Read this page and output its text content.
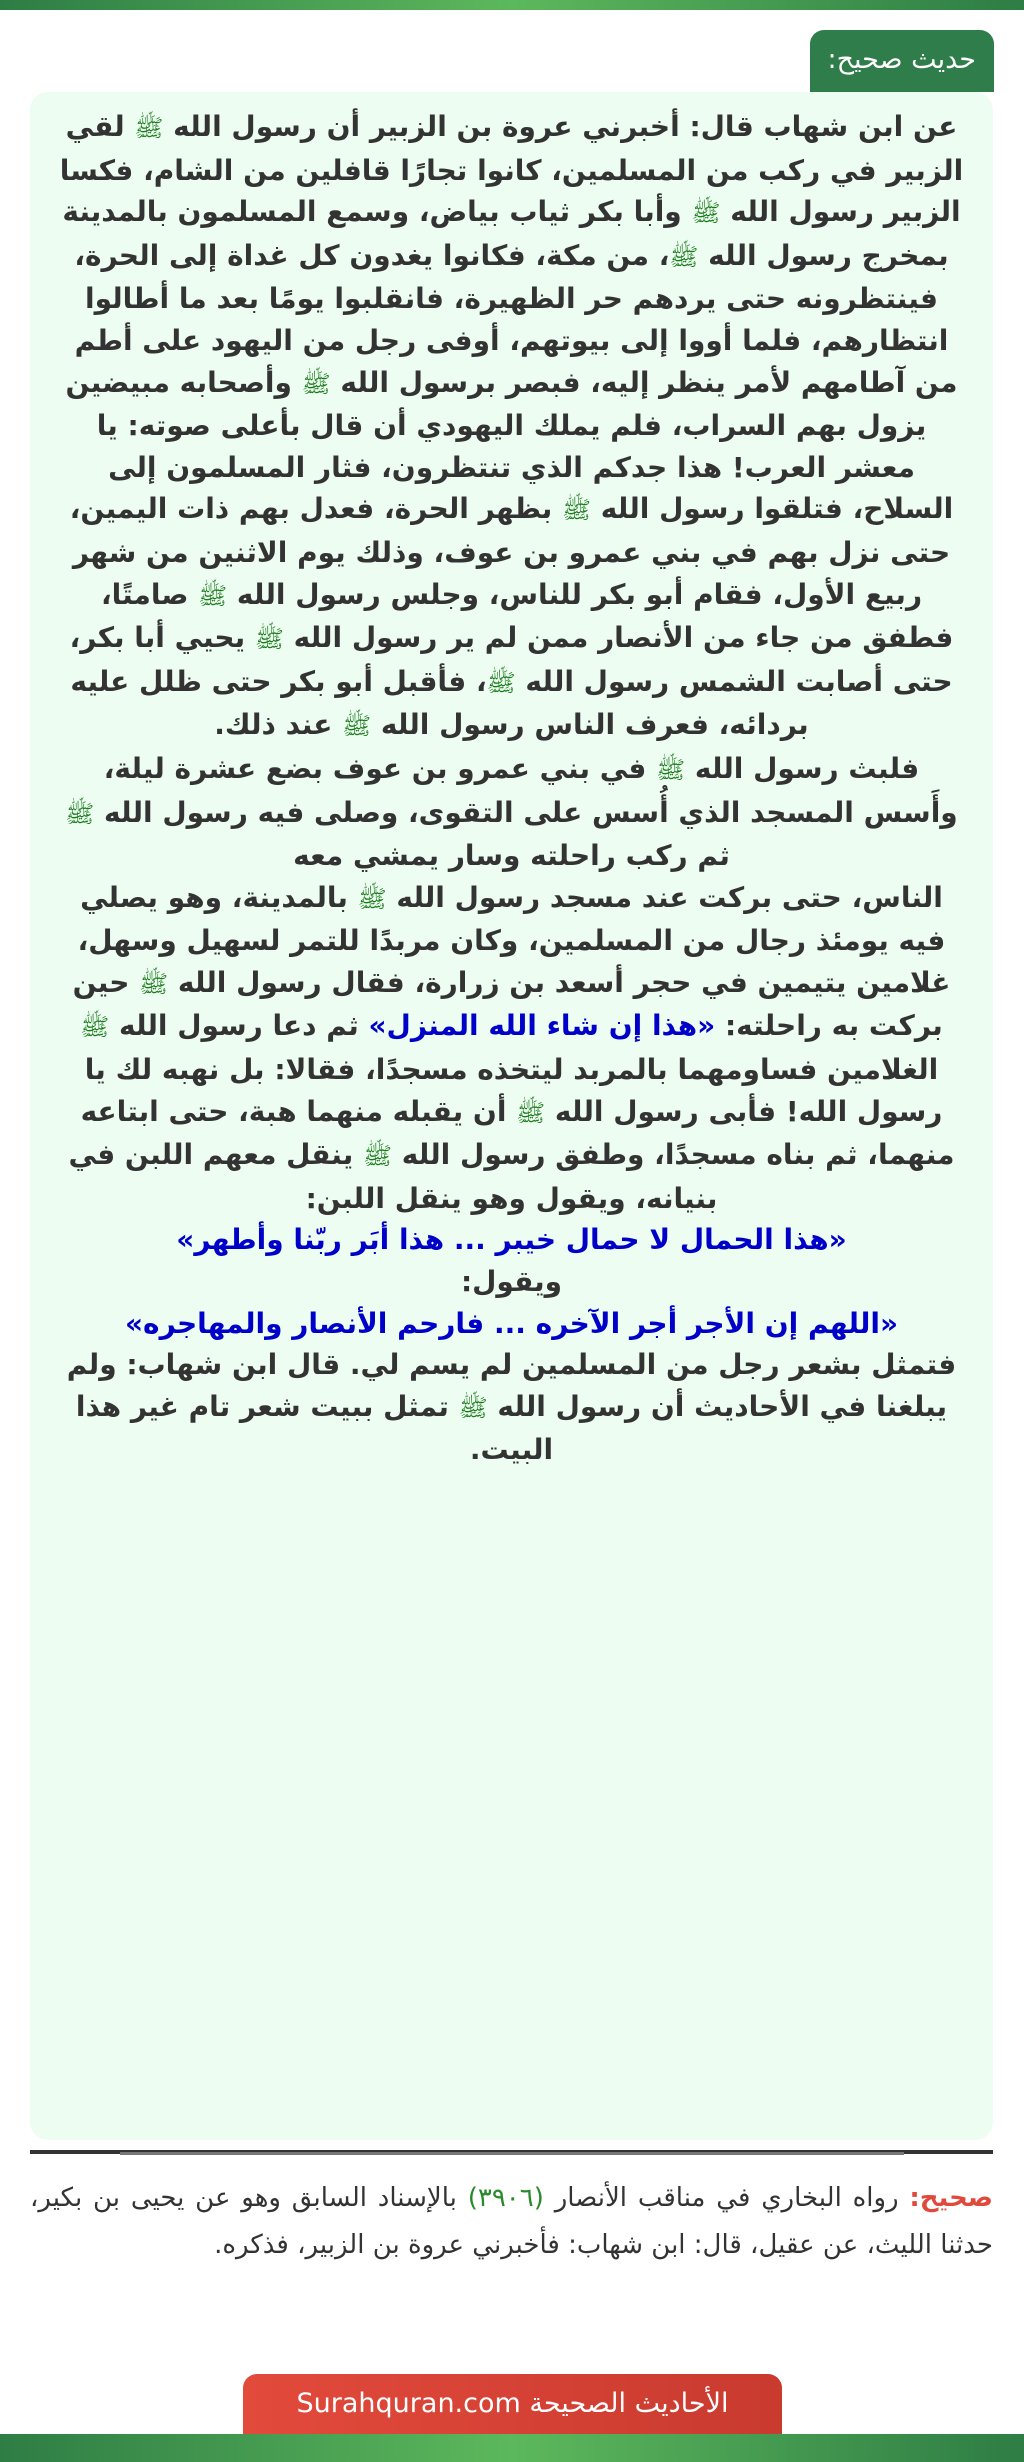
حديث صحيح:

عن ابن شهاب قال: أخبرني عروة بن الزبير أن رسول الله ﷺ لقي الزبير في ركب من المسلمين، كانوا تجارًا قافلين من الشام، فكسا الزبير رسول الله ﷺ وأبا بكر ثياب بياض، وسمع المسلمون بالمدينة بمخرج رسول الله ﷺ، من مكة، فكانوا يغدون كل غداة إلى الحرة، فينتظرونه حتى يردهم حر الظهيرة، فانقلبوا يومًا بعد ما أطالوا انتظارهم، فلما أووا إلى بيوتهم، أوفى رجل من اليهود على أطم من آطامهم لأمر ينظر إليه، فبصر برسول الله ﷺ وأصحابه مبيضين يزول بهم السراب، فلم يملك اليهودي أن قال بأعلى صوته: يا معشر العرب! هذا جدكم الذي تنتظرون، فثار المسلمون إلى السلاح، فتلقوا رسول الله ﷺ بظهر الحرة، فعدل بهم ذات اليمين، حتى نزل بهم في بني عمرو بن عوف، وذلك يوم الاثنين من شهر ربيع الأول، فقام أبو بكر للناس، وجلس رسول الله ﷺ صامتًا، فطفق من جاء من الأنصار ممن لم ير رسول الله ﷺ يحيي أبا بكر، حتى أصابت الشمس رسول الله ﷺ، فأقبل أبو بكر حتى ظلل عليه بردائه، فعرف الناس رسول الله ﷺ عند ذلك.

فلبث رسول الله ﷺ في بني عمرو بن عوف بضع عشرة ليلة، وأَسس المسجد الذي أُسس على التقوى، وصلى فيه رسول الله ﷺ ثم ركب راحلته وسار يمشي معه

الناس، حتى بركت عند مسجد رسول الله ﷺ بالمدينة، وهو يصلي فيه يومئذ رجال من المسلمين، وكان مربدًا للتمر لسهيل وسهل، غلامين يتيمين في حجر أسعد بن زرارة، فقال رسول الله ﷺ حين بركت به راحلته: «هذا إن شاء الله المنزل» ثم دعا رسول الله ﷺ الغلامين فساومهما بالمربد ليتخذه مسجدًا، فقالا: بل نهبه لك يا رسول الله! فأبى رسول الله ﷺ أن يقبله منهما هبة، حتى ابتاعه منهما، ثم بناه مسجدًا، وطفق رسول الله ﷺ ينقل معهم اللبن في بنيانه، ويقول وهو ينقل اللبن:

«هذا الحمال لا حمال خيبر ... هذا أبَر ربّنا وأطهر»

ويقول:

«اللهم إن الأجر أجر الآخره ... فارحم الأنصار والمهاجره»

فتمثل بشعر رجل من المسلمين لم يسم لي. قال ابن شهاب: ولم يبلغنا في الأحاديث أن رسول الله ﷺ تمثل ببيت شعر تام غير هذا البيت.

صحيح: رواه البخاري في مناقب الأنصار (٣٩٠٦) بالإسناد السابق وهو عن يحيى بن بكير، حدثنا الليث، عن عقيل، قال: ابن شهاب: فأخبرني عروة بن الزبير، فذكره.
الأحاديث الصحيحة Surahquran.com
